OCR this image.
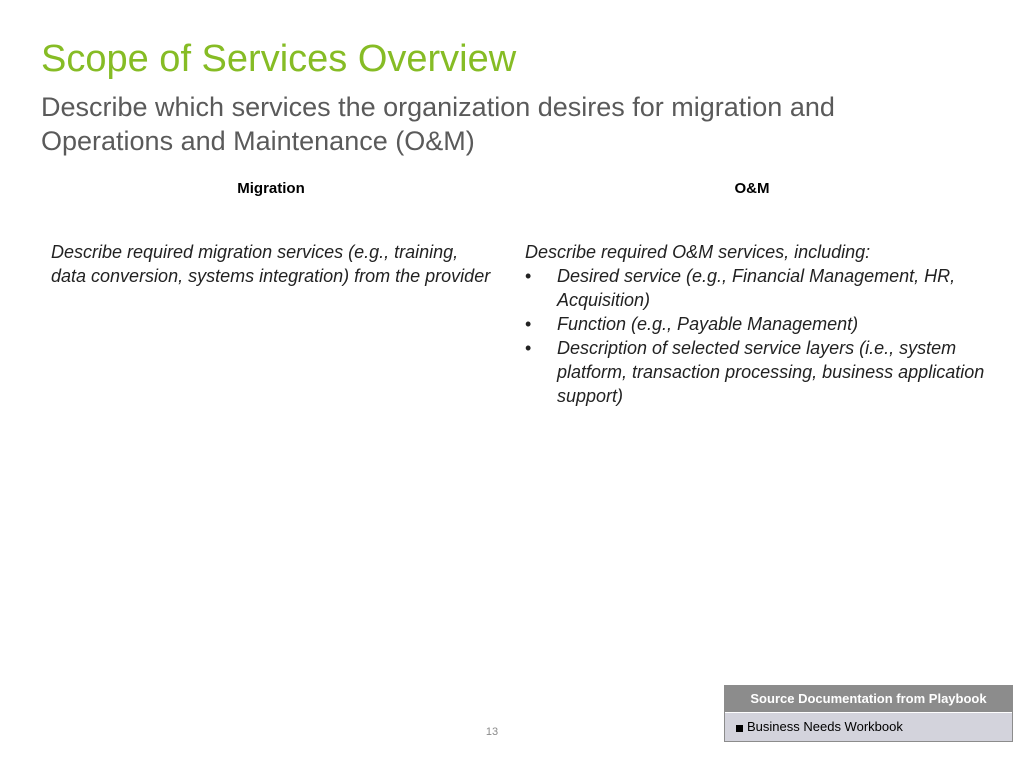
Scope of Services Overview

Describe which services the organization desires for migration and Operations and Maintenance (O&M)

Migration	O&M

Describe required migration services (e.g., training, data conversion, systems integration) from the provider

Describe required O&M services, including:

• Desired service (e.g., Financial Management, HR, Acquisition)
• Function (e.g., Payable Management)
• Description of selected service layers (i.e., system platform, transaction processing, business application support)
13
Source Documentation from Playbook
Business Needs Workbook
